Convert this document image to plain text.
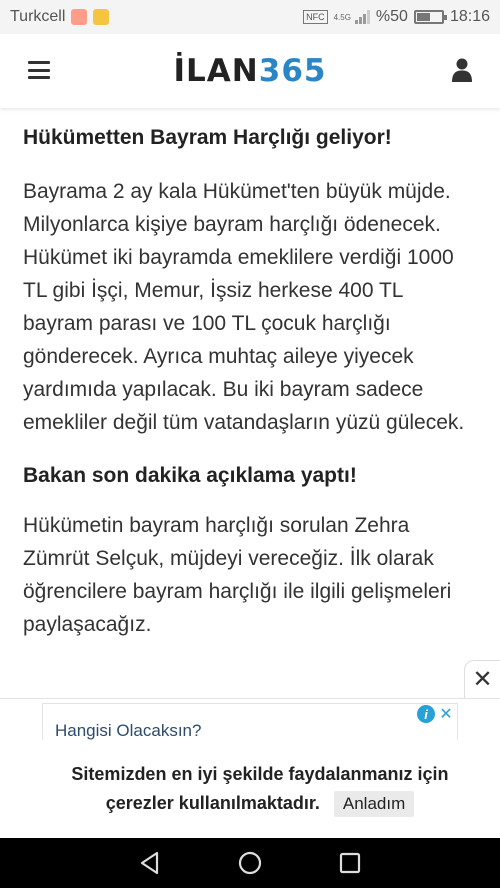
Turkcell	NFC	4.5G %50	18:16
İLAN365
Hükümetten Bayram Harçlığı geliyor!

Bayrama 2 ay kala Hükümet'ten büyük müjde. Milyonlarca kişiye bayram harçlığı ödenecek. Hükümet iki bayramda emeklilere verdiği 1000 TL gibi İşçi, Memur, İşsiz herkese 400 TL bayram parası ve 100 TL çocuk harçlığı gönderecek. Ayrıca muhtaç aileye yiyecek yardımıda yapılacak. Bu iki bayram sadece emekliler değil tüm vatandaşların yüzü gülecek.

Bakan son dakika açıklama yaptı!

Hükümetin bayram harçlığı sorulan Zehra Zümrüt Selçuk, müjdeyi vereceğiz. İlk olarak öğrencilere bayram harçlığı ile ilgili gelişmeleri paylaşacağız.

✕
Hangisi Olacaksın?
i ✕
Sitemizden en iyi şekilde faydalanmanız için
çerezler kullanılmaktadır. Anladım
